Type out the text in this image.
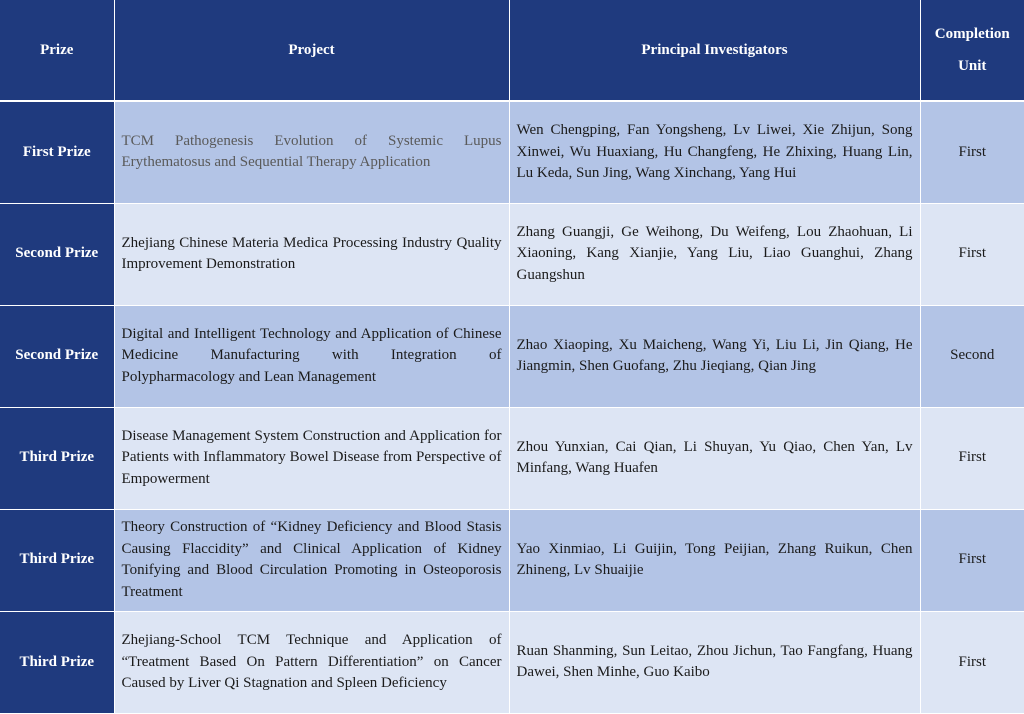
Prize	Project	Principal Investigators	Completion
Unit
First Prize	TCM Pathogenesis Evolution of Systemic Lupus Erythematosus and Sequential Therapy Application	Wen Chengping, Fan Yongsheng, Lv Liwei, Xie Zhijun, Song Xinwei, Wu Huaxiang, Hu Changfeng, He Zhixing, Huang Lin, Lu Keda, Sun Jing, Wang Xinchang, Yang Hui	First
Second Prize	Zhejiang Chinese Materia Medica Processing Industry Quality Improvement Demonstration	Zhang Guangji, Ge Weihong, Du Weifeng, Lou Zhaohuan, Li Xiaoning, Kang Xianjie, Yang Liu, Liao Guanghui, Zhang Guangshun	First
Second Prize	Digital and Intelligent Technology and Application of Chinese Medicine Manufacturing with Integration of Polypharmacology and Lean Management	Zhao Xiaoping, Xu Maicheng, Wang Yi, Liu Li, Jin Qiang, He Jiangmin, Shen Guofang, Zhu Jieqiang, Qian Jing	Second
Third Prize	Disease Management System Construction and Application for Patients with Inflammatory Bowel Disease from Perspective of Empowerment	Zhou Yunxian, Cai Qian, Li Shuyan, Yu Qiao, Chen Yan, Lv Minfang, Wang Huafen	First
Third Prize	Theory Construction of “Kidney Deficiency and Blood Stasis Causing Flaccidity” and Clinical Application of Kidney Tonifying and Blood Circulation Promoting in Osteoporosis Treatment	Yao Xinmiao, Li Guijin, Tong Peijian, Zhang Ruikun, Chen Zhineng, Lv Shuaijie	First
Third Prize	Zhejiang-School TCM Technique and Application of “Treatment Based On Pattern Differentiation” on Cancer Caused by Liver Qi Stagnation and Spleen Deficiency	Ruan Shanming, Sun Leitao, Zhou Jichun, Tao Fangfang, Huang Dawei, Shen Minhe, Guo Kaibo	First
